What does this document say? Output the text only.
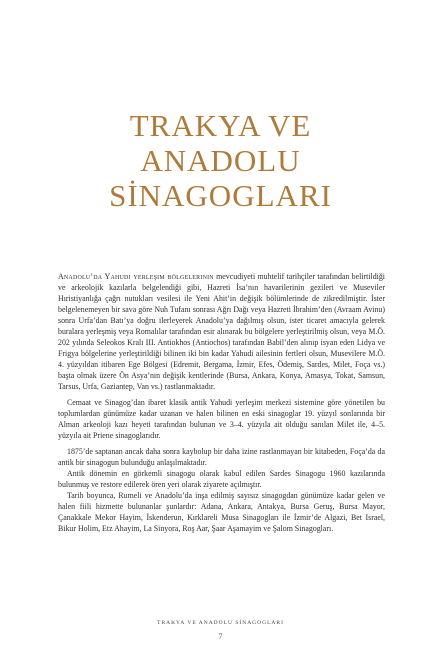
TRAKYA VE
ANADOLU
SİNAGOGLARI

Anadolu’da Yahudi yerleşim bölgelerinin mevcudiyeti muhtelif tarihçiler tarafından belirtildiği ve arkeolojik kazılarla belgelendiği gibi, Hazreti İsa’nın havarilerinin gezileri ve Museviler Hıristiyanlığa çağrı nutukları vesilesi ile Yeni Ahit’in değişik bölümlerinde de zikredilmiştir. İster belgelenemeyen bir sava göre Nuh Tufanı sonrası Ağrı Dağı veya Hazreti İbrahim’den (Avraam Avinu) sonra Urfa’dan Batı’ya doğru ilerleyerek Anadolu’ya dağılmış olsun, ister ticaret amacıyla gelerek buralara yerleşmiş veya Romalılar tarafından esir alınarak bu bölgelere yerleştirilmiş olsun, veya M.Ö. 202 yılında Seleokos Kralı III. Antiokhos (Antiochos) tarafından Babil’den alınıp isyan eden Lidya ve Frigya bölgelerine yerleştirildiği bilinen iki bin kadar Yahudi ailesinin fertleri olsun, Musevilere M.Ö. 4. yüzyıldan itibaren Ege Bölgesi (Edremit, Bergama, İzmir, Efes, Ödemiş, Sardes, Milet, Foça vs.) başta olmak üzere Ön Asya’nın değişik kentlerinde (Bursa, Ankara, Konya, Amasya, Tokat, Samsun, Tarsus, Urfa, Gaziantep, Van vs.) rastlanmaktadır.

Cemaat ve Sinagog’dan ibaret klasik antik Yahudi yerleşim merkezi sistemine göre yönetilen bu toplumlardan günümüze kadar uzanan ve halen bilinen en eski sinagoglar 19. yüzyıl sonlarında bir Alman arkeoloji kazı heyeti tarafından bulunan ve 3–4. yüzyıla ait olduğu sanılan Milet ile, 4–5. yüzyıla ait Priene sinagoglarıdır.

1875’de saptanan ancak daha sonra kaybolup bir daha izine rastlanmayan bir kitabeden, Foça’da da antik bir sinagogun bulunduğu anlaşılmaktadır.

Antik dönemin en görkemli sinagogu olarak kabul edilen Sardes Sinagogu 1960 kazılarında bulunmuş ve restore edilerek ören yeri olarak ziyarete açılmıştır.

Tarih boyunca, Rumeli ve Anadolu’da inşa edilmiş sayısız sinagogdan günümüze kadar gelen ve halen fiili hizmette bulunanlar şunlardır: Adana, Ankara, Antakya, Bursa Geruş, Bursa Mayor, Çanakkale Mekor Hayim, İskenderun, Kırklareli Musa Sinagogları ile İzmir’de Algazi, Bet Israel, Bikur Holim, Etz Ahayim, La Sinyora, Roş Aar, Şaar Aşamayim ve Şalom Sinagogları.

TRAKYA VE ANADOLU SİNAGOGLARI
7
